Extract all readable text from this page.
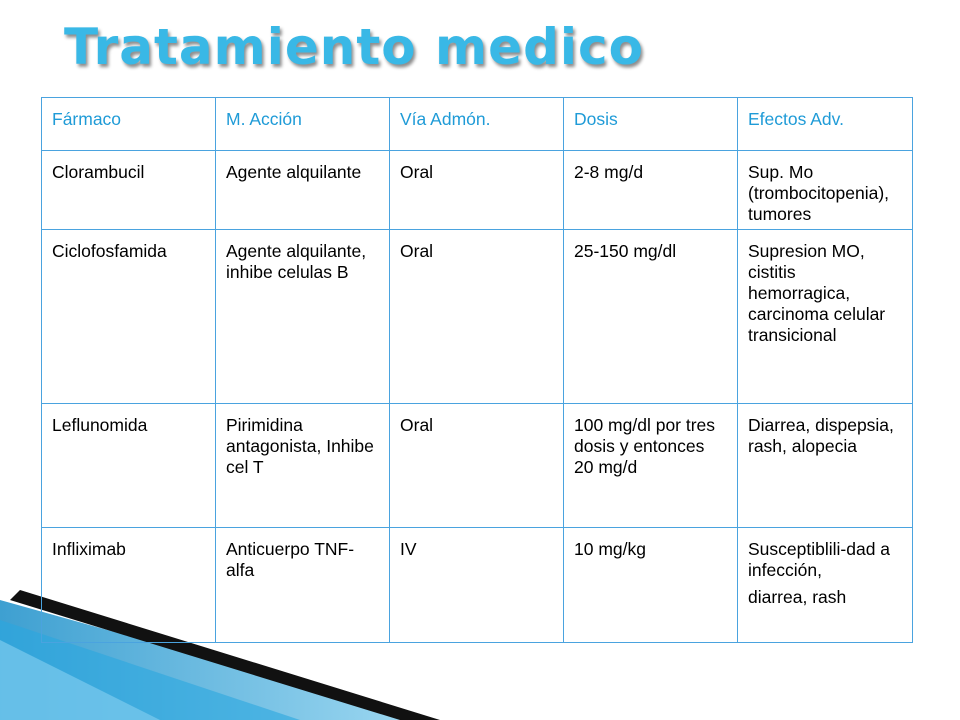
Tratamiento medico
Fármaco	M. Acción	Vía Admón.	Dosis	Efectos Adv.
Clorambucil	Agente alquilante	Oral	2-8 mg/d	Sup. Mo (trombocitopenia), tumores
Ciclofosfamida	Agente alquilante, inhibe celulas B	Oral	25-150 mg/dl	Supresion MO, cistitis hemorragica, carcinoma celular transicional
Leflunomida	Pirimidina antagonista, Inhibe cel T	Oral	100 mg/dl por tres dosis y entonces 20 mg/d	Diarrea, dispepsia, rash, alopecia
Infliximab	Anticuerpo TNF-alfa	IV	10 mg/kg	Susceptiblili-dad a infección,
diarrea, rash
